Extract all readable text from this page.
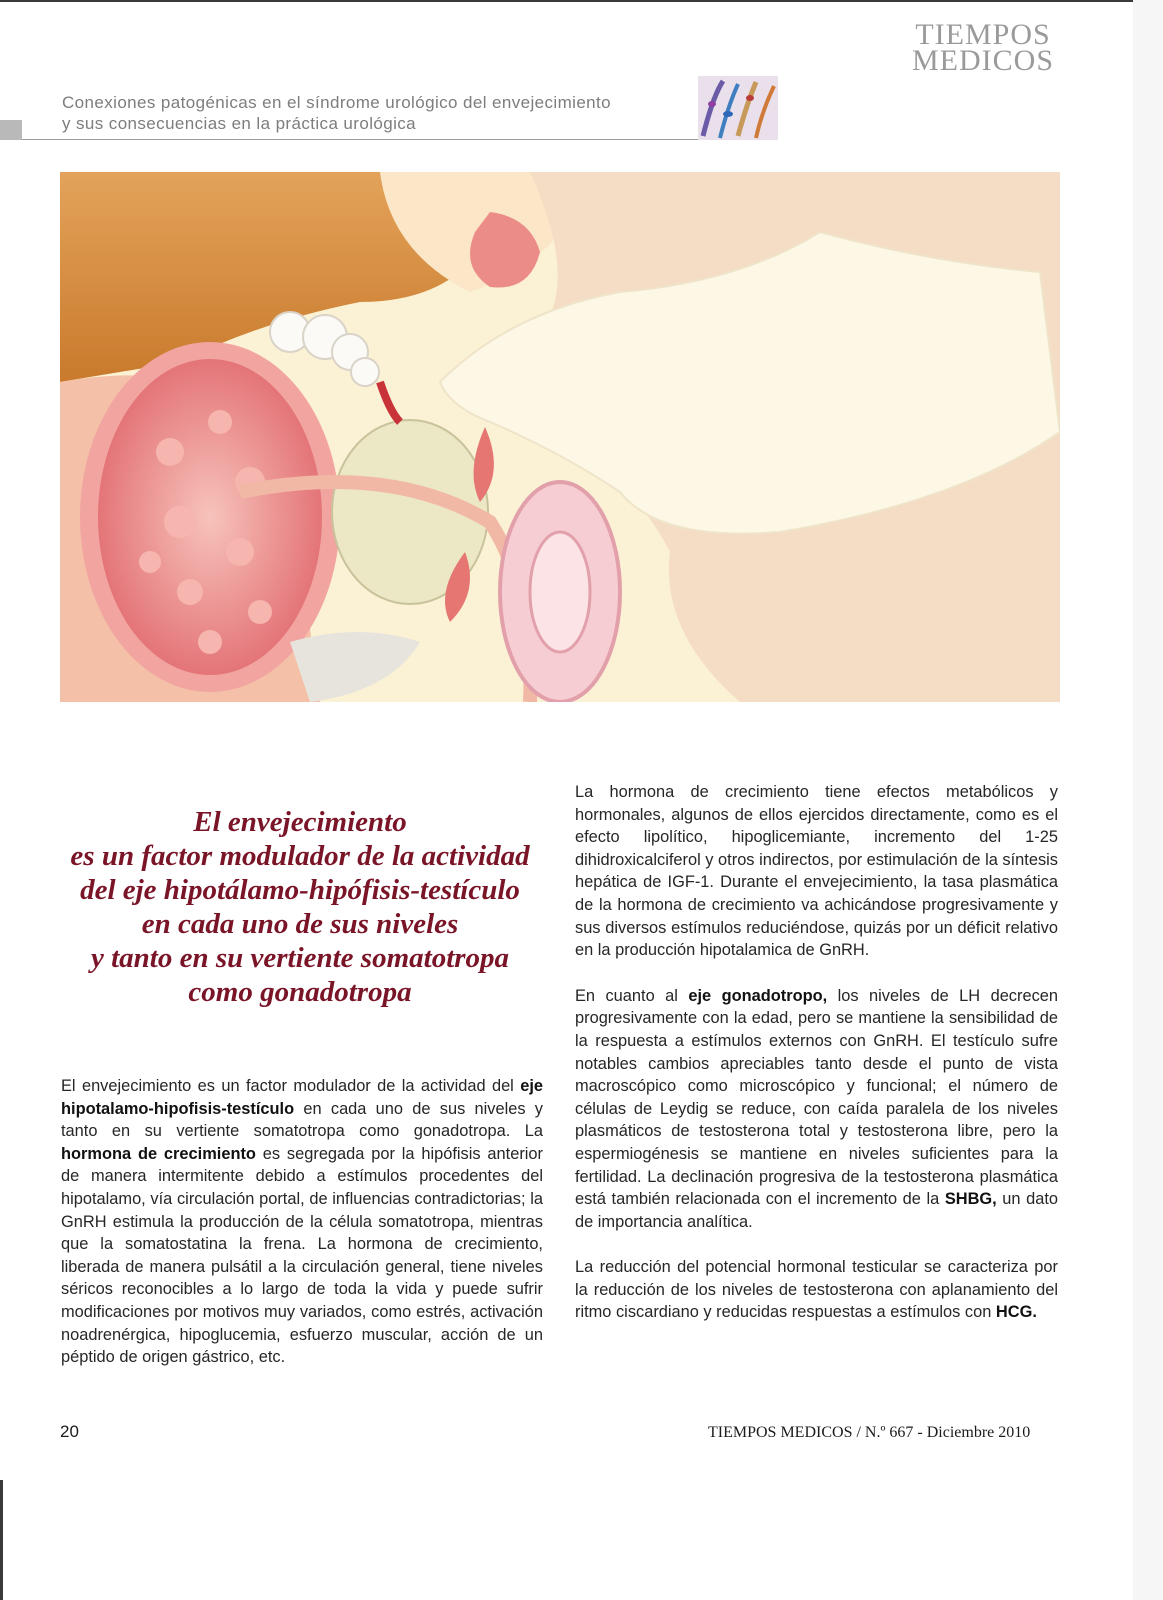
TIEMPOS
MEDICOS
Conexiones patogénicas en el síndrome urológico del envejecimiento
y sus consecuencias en la práctica urológica
El envejecimiento
es un factor modulador de la actividad
del eje hipotálamo-hipófisis-testículo
en cada uno de sus niveles
y tanto en su vertiente somatotropa
como gonadotropa

El envejecimiento es un factor modulador de la actividad del eje hipotalamo-hipofisis-testículo en cada uno de sus niveles y tanto en su vertiente somatotropa como gonadotropa. La hormona de crecimiento es segregada por la hipófisis anterior de manera intermitente debido a estímulos procedentes del hipotalamo, vía circulación portal, de influencias contradictorias; la GnRH estimula la producción de la célula somatotropa, mientras que la somatostatina la frena. La hormona de crecimiento, liberada de manera pulsátil a la circulación general, tiene niveles séricos reconocibles a lo largo de toda la vida y puede sufrir modificaciones por motivos muy variados, como estrés, activación noadrenérgica, hipoglucemia, esfuerzo muscular, acción de un péptido de origen gástrico, etc.

La hormona de crecimiento tiene efectos metabólicos y hormonales, algunos de ellos ejercidos directamente, como es el efecto lipolítico, hipoglicemiante, incremento del 1-25 dihidroxicalciferol y otros indirectos, por estimulación de la síntesis hepática de IGF-1. Durante el envejecimiento, la tasa plasmática de la hormona de crecimiento va achicándose progresivamente y sus diversos estímulos reduciéndose, quizás por un déficit relativo en la producción hipotalamica de GnRH.

En cuanto al eje gonadotropo, los niveles de LH decrecen progresivamente con la edad, pero se mantiene la sensibilidad de la respuesta a estímulos externos con GnRH. El testículo sufre notables cambios apreciables tanto desde el punto de vista macroscópico como microscópico y funcional; el número de células de Leydig se reduce, con caída paralela de los niveles plasmáticos de testosterona total y testosterona libre, pero la espermiogénesis se mantiene en niveles suficientes para la fertilidad. La declinación progresiva de la testosterona plasmática está también relacionada con el incremento de la SHBG, un dato de importancia analítica.

La reducción del potencial hormonal testicular se caracteriza por la reducción de los niveles de testosterona con aplanamiento del ritmo ciscardiano y reducidas respuestas a estímulos con HCG.

20	TIEMPOS MEDICOS / N.º 667 - Diciembre 2010
